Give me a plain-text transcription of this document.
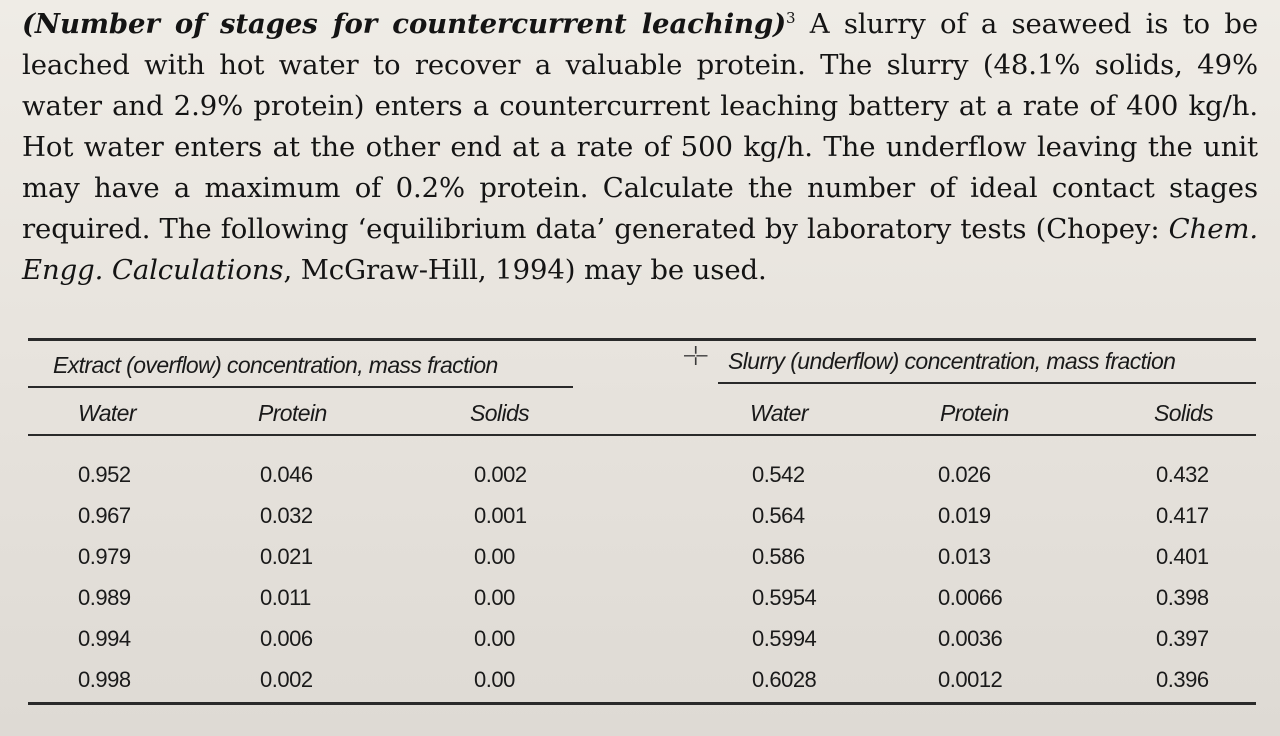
(Number of stages for countercurrent leaching)$^3$ A slurry of a seaweed is to be leached with hot water to recover a valuable protein. The slurry (48.1% solids, 49% water and 2.9% protein) enters a countercurrent leaching battery at a rate of 400 kg/h. Hot water enters at the other end at a rate of 500 kg/h. The underflow leaving the unit may have a maximum of 0.2% protein. Calculate the number of ideal contact stages required. The following ‘equilibrium data’ generated by laboratory tests (Chopey: Chem. Engg. Calculations, McGraw-Hill, 1994) may be used.
Extract (overflow) concentration, mass fraction	–¦– Slurry (underflow) concentration, mass fraction
Water	Protein	Solids	Water	Protein	Solids
0.952	0.046	0.002	0.542	0.026	0.432
0.967	0.032	0.001	0.564	0.019	0.417
0.979	0.021	0.00	0.586	0.013	0.401
0.989	0.011	0.00	0.5954	0.0066	0.398
0.994	0.006	0.00	0.5994	0.0036	0.397
0.998	0.002	0.00	0.6028	0.0012	0.396
